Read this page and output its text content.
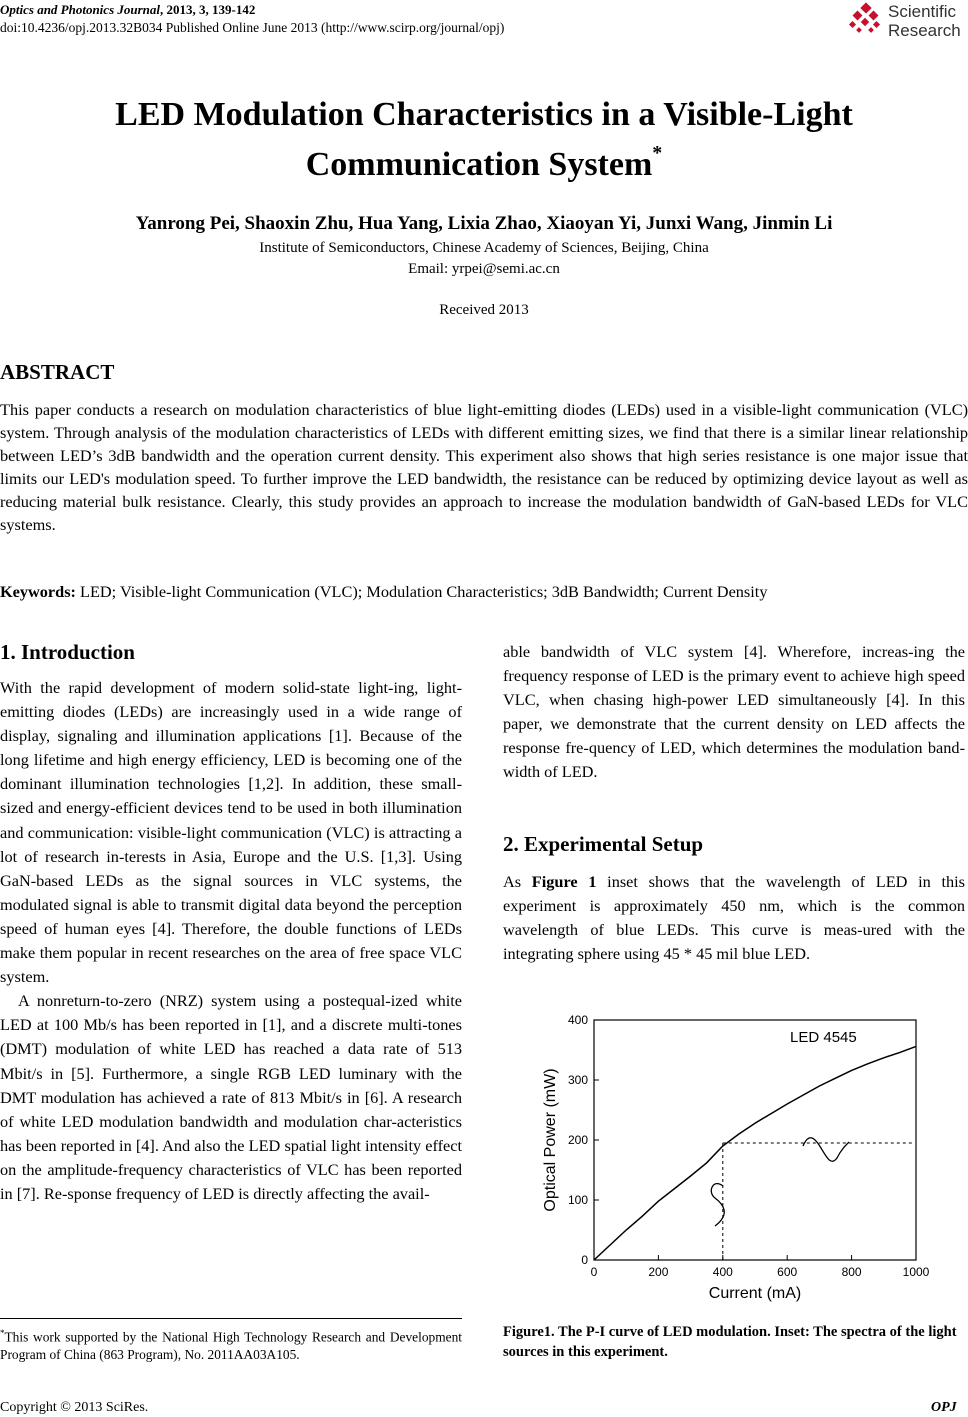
Optics and Photonics Journal, 2013, 3, 139-142
doi:10.4236/opj.2013.32B034 Published Online June 2013 (http://www.scirp.org/journal/opj)
Scientific
Research
LED Modulation Characteristics in a Visible-Light
Communication System*
Yanrong Pei, Shaoxin Zhu, Hua Yang, Lixia Zhao, Xiaoyan Yi, Junxi Wang, Jinmin Li
Institute of Semiconductors, Chinese Academy of Sciences, Beijing, China
Email: yrpei@semi.ac.cn
Received 2013
ABSTRACT
This paper conducts a research on modulation characteristics of blue light-emitting diodes (LEDs) used in a visible-light communication (VLC) system. Through analysis of the modulation characteristics of LEDs with different emitting sizes, we find that there is a similar linear relationship between LED’s 3dB bandwidth and the operation current density. This experiment also shows that high series resistance is one major issue that limits our LED's modulation speed. To further improve the LED bandwidth, the resistance can be reduced by optimizing device layout as well as reducing material bulk resistance. Clearly, this study provides an approach to increase the modulation bandwidth of GaN-based LEDs for VLC systems.
Keywords: LED; Visible-light Communication (VLC); Modulation Characteristics; 3dB Bandwidth; Current Density
1. Introduction

With the rapid development of modern solid-state light-ing, light-emitting diodes (LEDs) are increasingly used in a wide range of display, signaling and illumination applications [1]. Because of the long lifetime and high energy efficiency, LED is becoming one of the dominant illumination technologies [1,2]. In addition, these small-sized and energy-efficient devices tend to be used in both illumination and communication: visible-light communication (VLC) is attracting a lot of research in-terests in Asia, Europe and the U.S. [1,3]. Using GaN-based LEDs as the signal sources in VLC systems, the modulated signal is able to transmit digital data beyond the perception speed of human eyes [4]. Therefore, the double functions of LEDs make them popular in recent researches on the area of free space VLC system.

A nonreturn-to-zero (NRZ) system using a postequal-ized white LED at 100 Mb/s has been reported in [1], and a discrete multi-tones (DMT) modulation of white LED has reached a data rate of 513 Mbit/s in [5]. Furthermore, a single RGB LED luminary with the DMT modulation has achieved a rate of 813 Mbit/s in [6]. A research of white LED modulation bandwidth and modulation char-acteristics has been reported in [4]. And also the LED spatial light intensity effect on the amplitude-frequency characteristics of VLC has been reported in [7]. Re-sponse frequency of LED is directly affecting the avail-

able bandwidth of VLC system [4]. Wherefore, increas-ing the frequency response of LED is the primary event to achieve high speed VLC, when chasing high-power LED simultaneously [4]. In this paper, we demonstrate that the current density on LED affects the response fre-quency of LED, which determines the modulation band-width of LED.
2. Experimental Setup
As Figure 1 inset shows that the wavelength of LED in this experiment is approximately 450 nm, which is the common wavelength of blue LEDs. This curve is meas-ured with the integrating sphere using 45 * 45 mil blue LED.
0
100
200
300
400
0	200	400	600	800	1000
LED 4545
Current (mA)
Optical Power (mW)
*This work supported by the National High Technology Research and Development Program of China (863 Program), No. 2011AA03A105.
Figure1. The P-I curve of LED modulation. Inset: The spectra of the light sources in this experiment.
Copyright © 2013 SciRes.	OPJ
